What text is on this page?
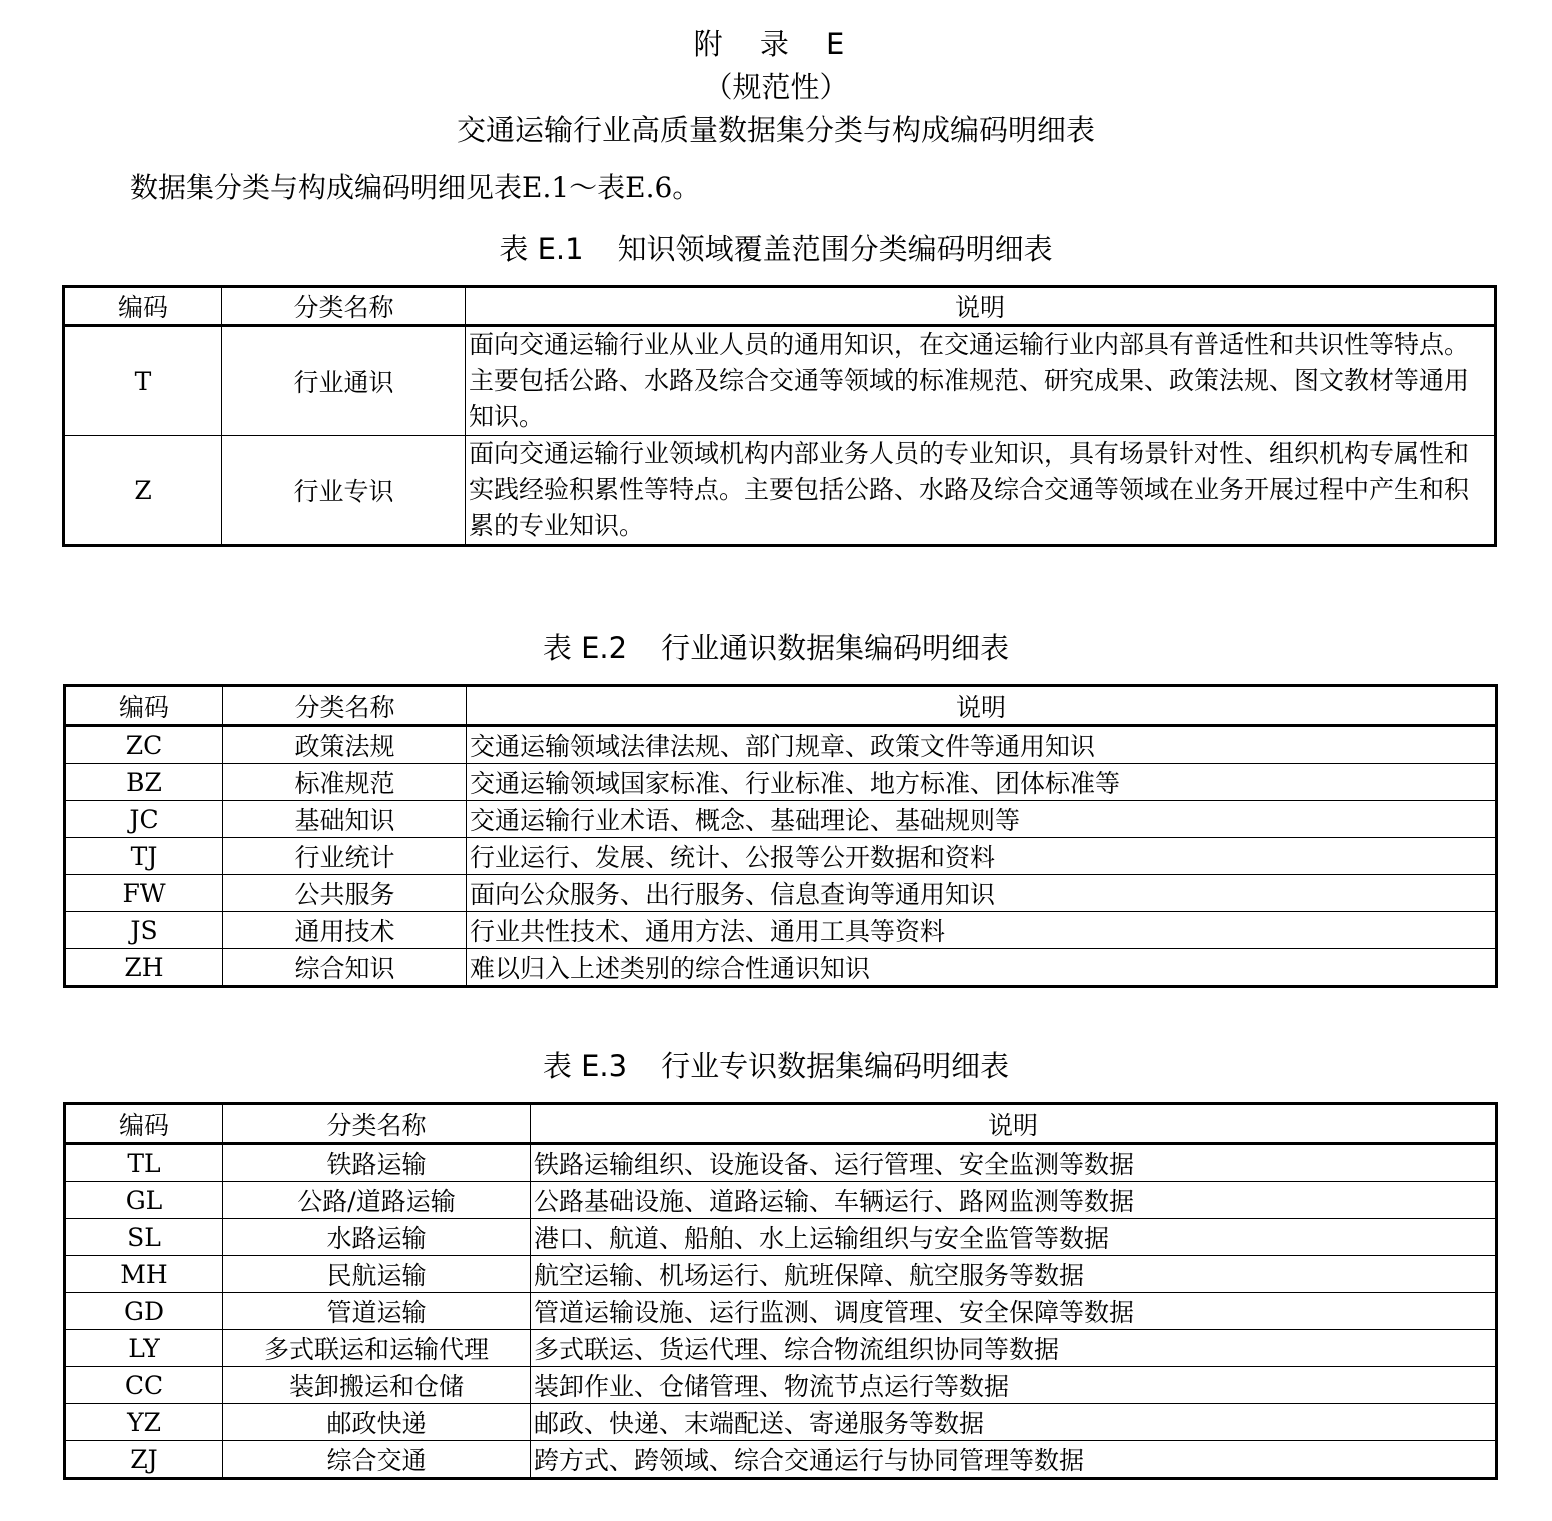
附 录 E
（规范性）
交通运输行业高质量数据集分类与构成编码明细表
数据集分类与构成编码明细见表E.1～表E.6。
表 E.1 知识领域覆盖范围分类编码明细表
编码	分类名称	说明
T	行业通识	面向交通运输行业从业人员的通用知识，在交通运输行业内部具有普适性和共识性等特点。主要包括公路、水路及综合交通等领域的标准规范、研究成果、政策法规、图文教材等通用知识。
Z	行业专识	面向交通运输行业领域机构内部业务人员的专业知识，具有场景针对性、组织机构专属性和实践经验积累性等特点。主要包括公路、水路及综合交通等领域在业务开展过程中产生和积累的专业知识。
表 E.2 行业通识数据集编码明细表
编码	分类名称	说明
ZC	政策法规	交通运输领域法律法规、部门规章、政策文件等通用知识
BZ	标准规范	交通运输领域国家标准、行业标准、地方标准、团体标准等
JC	基础知识	交通运输行业术语、概念、基础理论、基础规则等
TJ	行业统计	行业运行、发展、统计、公报等公开数据和资料
FW	公共服务	面向公众服务、出行服务、信息查询等通用知识
JS	通用技术	行业共性技术、通用方法、通用工具等资料
ZH	综合知识	难以归入上述类别的综合性通识知识
表 E.3 行业专识数据集编码明细表
编码	分类名称	说明
TL	铁路运输	铁路运输组织、设施设备、运行管理、安全监测等数据
GL	公路/道路运输	公路基础设施、道路运输、车辆运行、路网监测等数据
SL	水路运输	港口、航道、船舶、水上运输组织与安全监管等数据
MH	民航运输	航空运输、机场运行、航班保障、航空服务等数据
GD	管道运输	管道运输设施、运行监测、调度管理、安全保障等数据
LY	多式联运和运输代理	多式联运、货运代理、综合物流组织协同等数据
CC	装卸搬运和仓储	装卸作业、仓储管理、物流节点运行等数据
YZ	邮政快递	邮政、快递、末端配送、寄递服务等数据
ZJ	综合交通	跨方式、跨领域、综合交通运行与协同管理等数据
